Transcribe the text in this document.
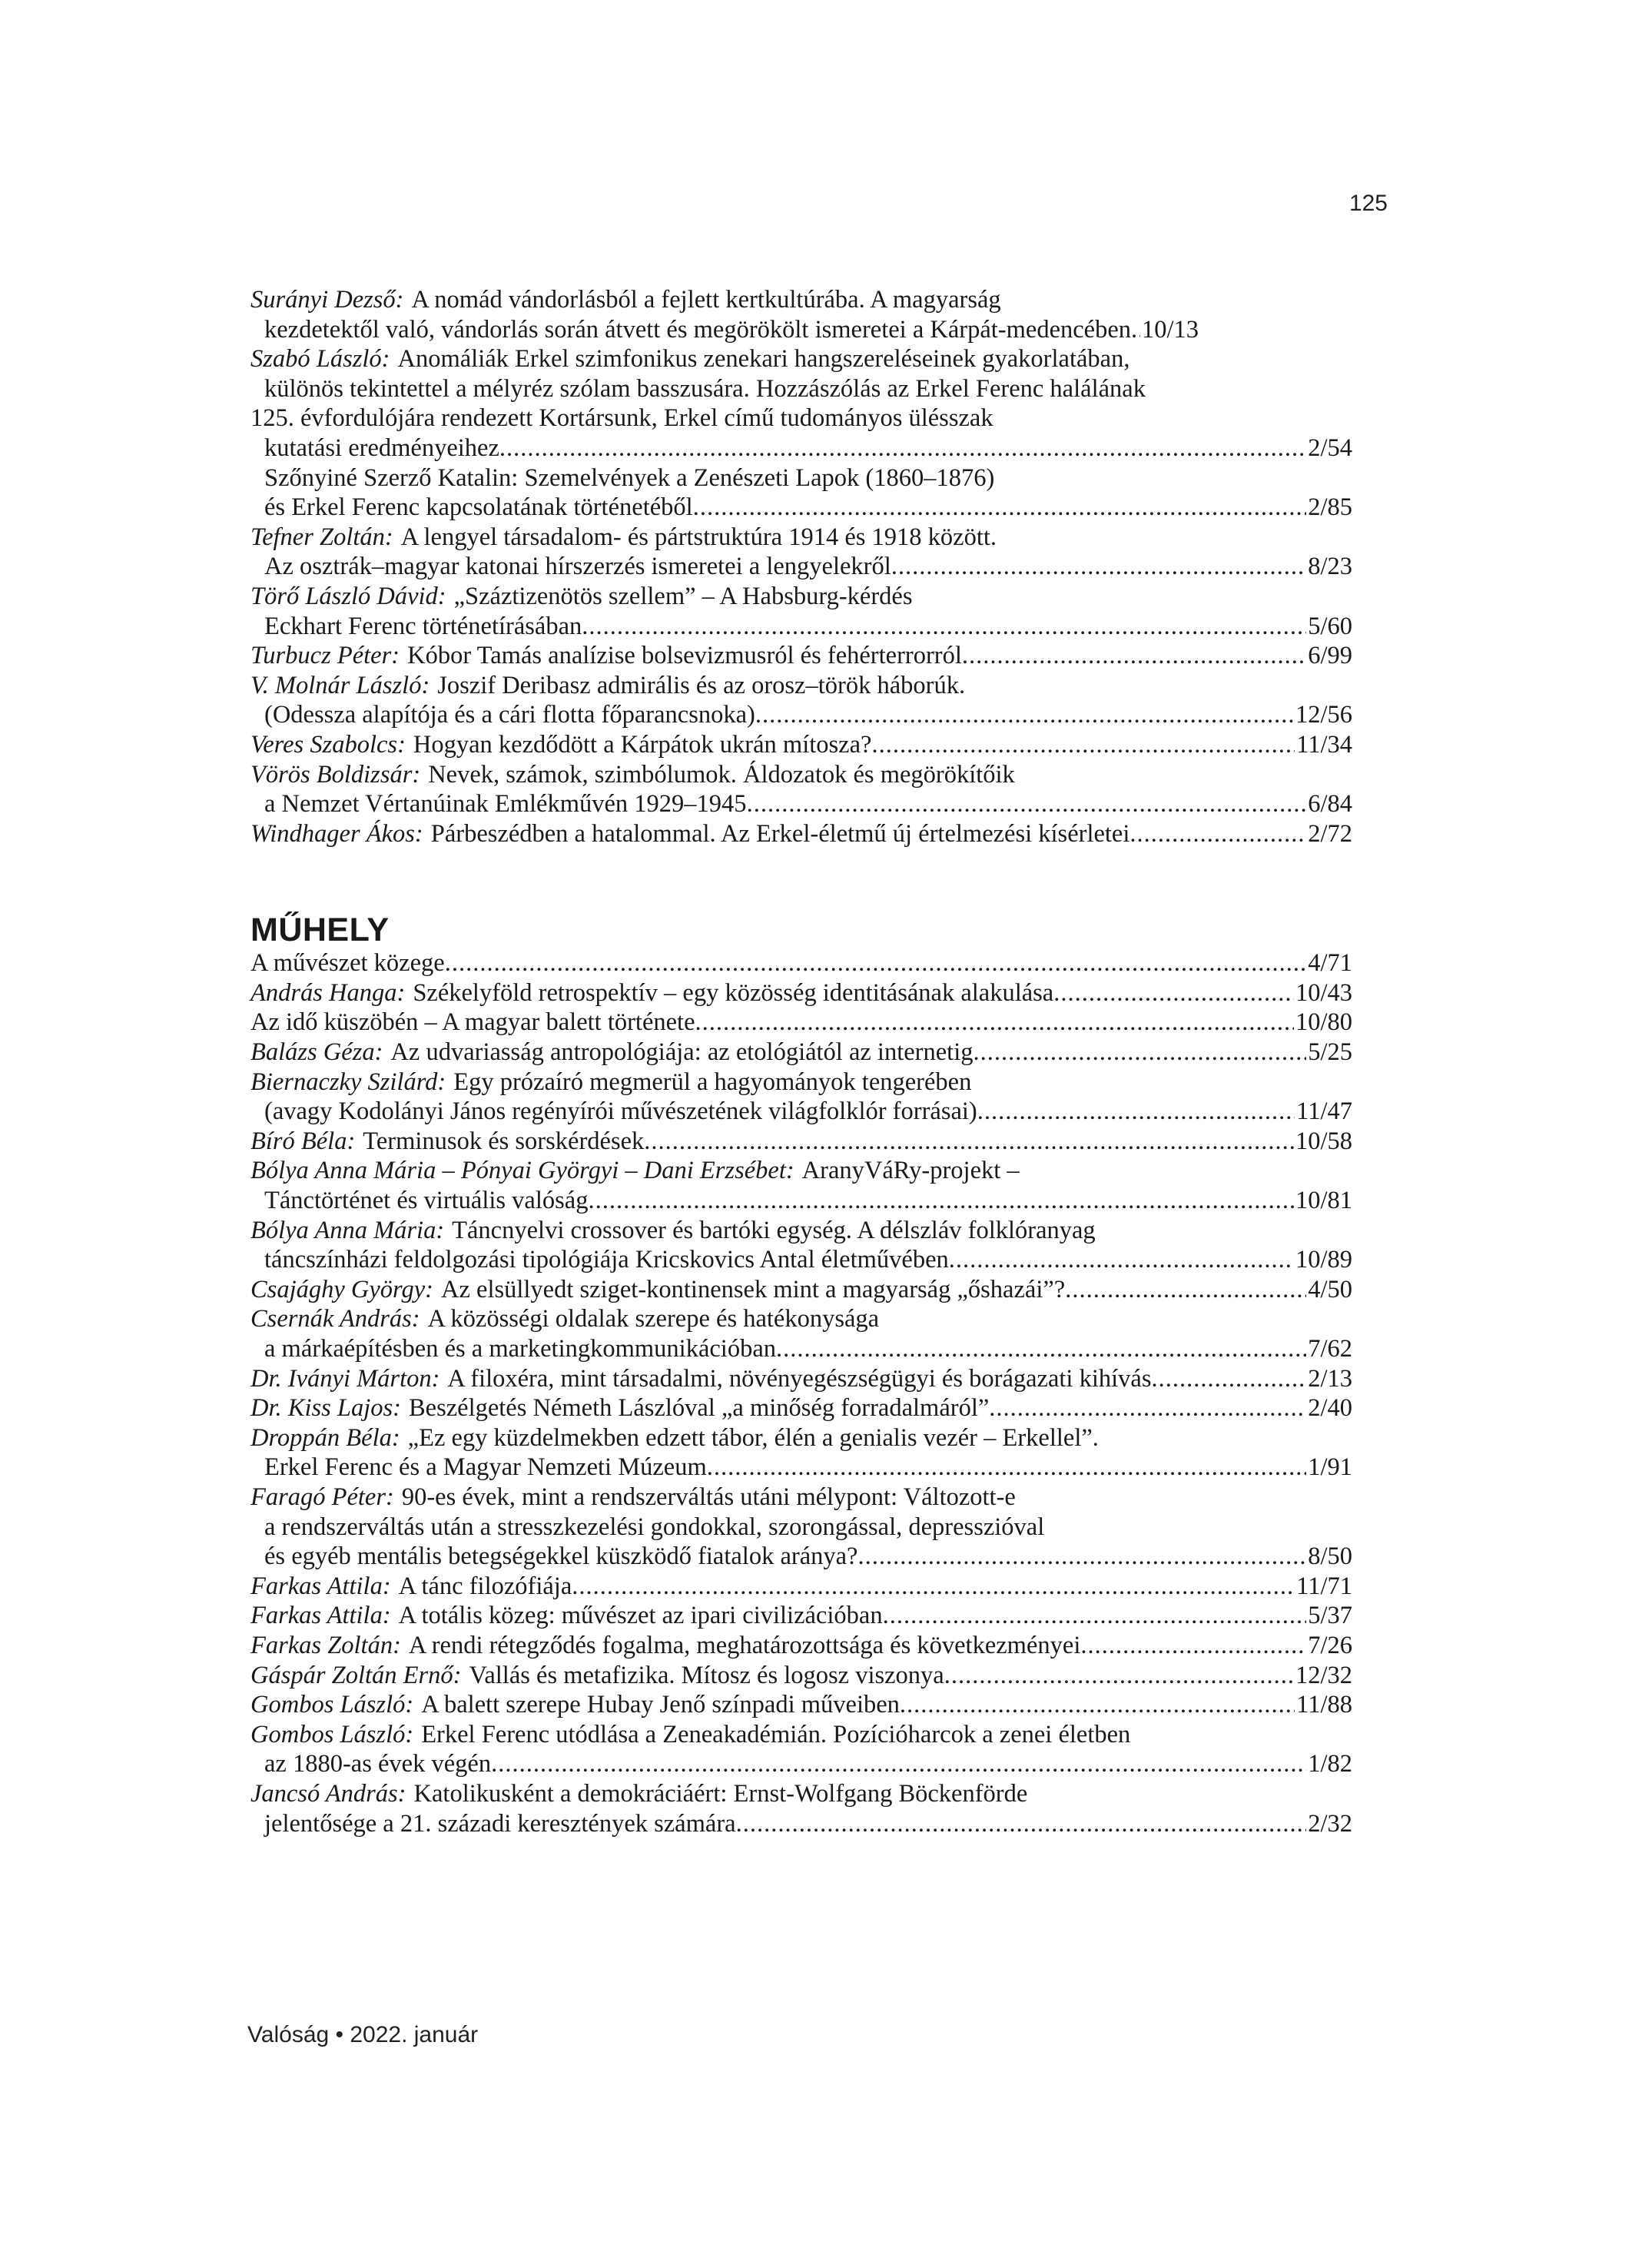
125
Surányi Dezső: A nomád vándorlásból a fejlett kertkultúrába. A magyarság
kezdetektől való, vándorlás során átvett és megörökölt ismeretei a Kárpát-medencében ..... 10/13
Szabó László: Anomáliák Erkel szimfonikus zenekari hangszereléseinek gyakorlatában,
különös tekintettel a mélyréz szólam basszusára. Hozzászólás az Erkel Ferenc halálának
125. évfordulójára rendezett Kortársunk, Erkel című tudományos ülésszak
kutatási eredményeihez .....	2/54
Szőnyiné Szerző Katalin: Szemelvények a Zenészeti Lapok (1860–1876)
és Erkel Ferenc kapcsolatának történetéből .....	2/85
Tefner Zoltán: A lengyel társadalom- és pártstruktúra 1914 és 1918 között.
Az osztrák–magyar katonai hírszerzés ismeretei a lengyelekről .....	8/23
Törő László Dávid: „Száztizenötös szellem” – A Habsburg-kérdés
Eckhart Ferenc történetírásában .....	5/60
Turbucz Péter: Kóbor Tamás analízise bolsevizmusról és fehérterrorról .....	6/99
V. Molnár László: Joszif Deribasz admirális és az orosz–török háborúk.
(Odessza alapítója és a cári flotta főparancsnoka) .....	12/56
Veres Szabolcs: Hogyan kezdődött a Kárpátok ukrán mítosza? .....	11/34
Vörös Boldizsár: Nevek, számok, szimbólumok. Áldozatok és megörökítőik
a Nemzet Vértanúinak Emlékművén 1929–1945 .....	6/84
Windhager Ákos: Párbeszédben a hatalommal. Az Erkel-életmű új értelmezési kísérletei .....	2/72
MŰHELY
A művészet közege .....	4/71
András Hanga: Székelyföld retrospektív – egy közösség identitásának alakulása .....	10/43
Az idő küszöbén – A magyar balett története .....	10/80
Balázs Géza: Az udvariasság antropológiája: az etológiától az internetig .....	5/25
Biernaczky Szilárd: Egy prózaíró megmerül a hagyományok tengerében
(avagy Kodolányi János regényírói művészetének világfolklór forrásai) .....	11/47
Bíró Béla: Terminusok és sorskérdések .....	10/58
Bólya Anna Mária – Pónyai Györgyi – Dani Erzsébet: AranyVáRy-projekt –
Tánctörténet és virtuális valóság .....	10/81
Bólya Anna Mária: Táncnyelvi crossover és bartóki egység. A délszláv folklóranyag
táncszínházi feldolgozási tipológiája Kricskovics Antal életművében .....	10/89
Csajághy György: Az elsüllyedt sziget-kontinensek mint a magyarság „őshazái”? .....	4/50
Csernák András: A közösségi oldalak szerepe és hatékonysága
a márkaépítésben és a marketingkommunikációban .....	7/62
Dr. Iványi Márton: A filoxéra, mint társadalmi, növényegészségügyi és borágazati kihívás .....	2/13
Dr. Kiss Lajos: Beszélgetés Németh Lászlóval „a minőség forradalmáról” .....	2/40
Droppán Béla: „Ez egy küzdelmekben edzett tábor, élén a genialis vezér – Erkellel”.
Erkel Ferenc és a Magyar Nemzeti Múzeum .....	1/91
Faragó Péter: 90-es évek, mint a rendszerváltás utáni mélypont: Változott-e
a rendszerváltás után a stresszkezelési gondokkal, szorongással, depresszióval
és egyéb mentális betegségekkel küszködő fiatalok aránya? .....	8/50
Farkas Attila: A tánc filozófiája .....	11/71
Farkas Attila: A totális közeg: művészet az ipari civilizációban .....	5/37
Farkas Zoltán: A rendi rétegződés fogalma, meghatározottsága és következményei .....	7/26
Gáspár Zoltán Ernő: Vallás és metafizika. Mítosz és logosz viszonya .....	12/32
Gombos László: A balett szerepe Hubay Jenő színpadi műveiben .....	11/88
Gombos László: Erkel Ferenc utódlása a Zeneakadémián. Pozícióharcok a zenei életben
az 1880-as évek végén .....	1/82
Jancsó András: Katolikusként a demokráciáért: Ernst-Wolfgang Böckenförde
jelentősége a 21. századi keresztények számára .....	2/32
Valóság • 2022. január
